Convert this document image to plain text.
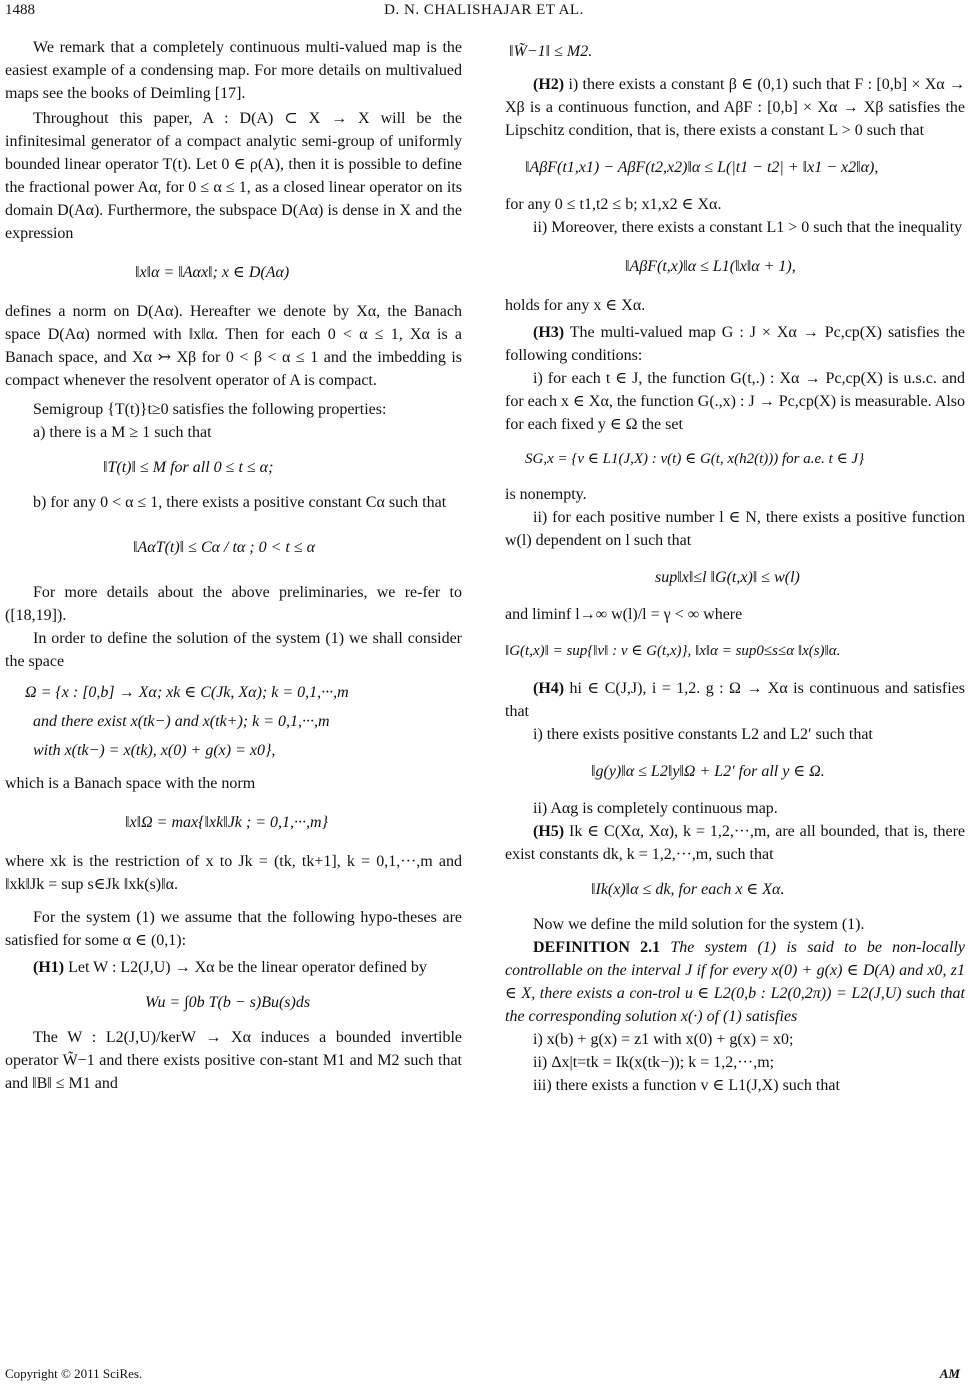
1488	D. N. CHALISHAJAR ET AL.

We remark that a completely continuous multi-valued map is the easiest example of a condensing map. For more details on multivalued maps see the books of Deimling [17].

Throughout this paper, A : D(A) ⊂ X → X will be the infinitesimal generator of a compact analytic semi-group of uniformly bounded linear operator T(t). Let 0 ∈ ρ(A), then it is possible to define the fractional power Aα, for 0 ≤ α ≤ 1, as a closed linear operator on its domain D(Aα). Furthermore, the subspace D(Aα) is dense in X and the expression

‖x‖α = ‖Aαx‖; x ∈ D(Aα)

defines a norm on D(Aα). Hereafter we denote by Xα, the Banach space D(Aα) normed with ‖x‖α. Then for each 0 < α ≤ 1, Xα is a Banach space, and Xα ↣ Xβ for 0 < β < α ≤ 1 and the imbedding is compact whenever the resolvent operator of A is compact.

Semigroup {T(t)}t≥0 satisfies the following properties:

a) there is a M ≥ 1 such that

‖T(t)‖ ≤ M for all 0 ≤ t ≤ α;

b) for any 0 < α ≤ 1, there exists a positive constant Cα such that

‖AαT(t)‖ ≤ Cα / tα ; 0 < t ≤ α

For more details about the above preliminaries, we re-fer to ([18,19]).

In order to define the solution of the system (1) we shall consider the space

Ω = {x : [0,b] → Xα; xk ∈ C(Jk, Xα); k = 0,1,···,m
and there exist x(tk−) and x(tk+); k = 0,1,···,m
with x(tk−) = x(tk), x(0) + g(x) = x0},

which is a Banach space with the norm

‖x‖Ω = max{‖xk‖Jk ; = 0,1,···,m}

where xk is the restriction of x to Jk = (tk, tk+1], k = 0,1,···,m and ‖xk‖Jk = sup s∈Jk ‖xk(s)‖α.

For the system (1) we assume that the following hypo-theses are satisfied for some α ∈ (0,1):

(H1) Let W : L2(J,U) → Xα be the linear operator defined by

Wu = ∫0b T(b − s)Bu(s)ds

The W : L2(J,U)/kerW → Xα induces a bounded invertible operator W̃−1 and there exists positive con-stant M1 and M2 such that and ‖B‖ ≤ M1 and

‖W̃−1‖ ≤ M2.

(H2) i) there exists a constant β ∈ (0,1) such that F : [0,b] × Xα → Xβ is a continuous function, and AβF : [0,b] × Xα → Xβ satisfies the Lipschitz condition, that is, there exists a constant L > 0 such that

‖AβF(t1,x1) − AβF(t2,x2)‖α ≤ L(|t1 − t2| + ‖x1 − x2‖α),

for any 0 ≤ t1,t2 ≤ b; x1,x2 ∈ Xα.

ii) Moreover, there exists a constant L1 > 0 such that the inequality

‖AβF(t,x)‖α ≤ L1(‖x‖α + 1),

holds for any x ∈ Xα.

(H3) The multi-valued map G : J × Xα → Pc,cp(X) satisfies the following conditions:

i) for each t ∈ J, the function G(t,.) : Xα → Pc,cp(X) is u.s.c. and for each x ∈ Xα, the function G(.,x) : J → Pc,cp(X) is measurable. Also for each fixed y ∈ Ω the set

SG,x = {v ∈ L1(J,X) : v(t) ∈ G(t, x(h2(t))) for a.e. t ∈ J}

is nonempty.

ii) for each positive number l ∈ N, there exists a positive function w(l) dependent on l such that

sup‖x‖≤l ‖G(t,x)‖ ≤ w(l)

and liminf l→∞ w(l)/l = γ < ∞ where

‖G(t,x)‖ = sup{‖v‖ : v ∈ G(t,x)}, ‖x‖α = sup0≤s≤α ‖x(s)‖α.

(H4) hi ∈ C(J,J), i = 1,2. g : Ω → Xα is continuous and satisfies that

i) there exists positive constants L2 and L2′ such that

‖g(y)‖α ≤ L2‖y‖Ω + L2′ for all y ∈ Ω.

ii) Aαg is completely continuous map.

(H5) Ik ∈ C(Xα, Xα), k = 1,2,···,m, are all bounded, that is, there exist constants dk, k = 1,2,···,m, such that

‖Ik(x)‖α ≤ dk, for each x ∈ Xα.

Now we define the mild solution for the system (1).

DEFINITION 2.1 The system (1) is said to be non-locally controllable on the interval J if for every x(0) + g(x) ∈ D(A) and x0, z1 ∈ X, there exists a con-trol u ∈ L2(0,b : L2(0,2π)) = L2(J,U) such that the corresponding solution x(·) of (1) satisfies

i) x(b) + g(x) = z1 with x(0) + g(x) = x0;

ii) Δx|t=tk = Ik(x(tk−)); k = 1,2,···,m;

iii) there exists a function v ∈ L1(J,X) such that

Copyright © 2011 SciRes.	AM
